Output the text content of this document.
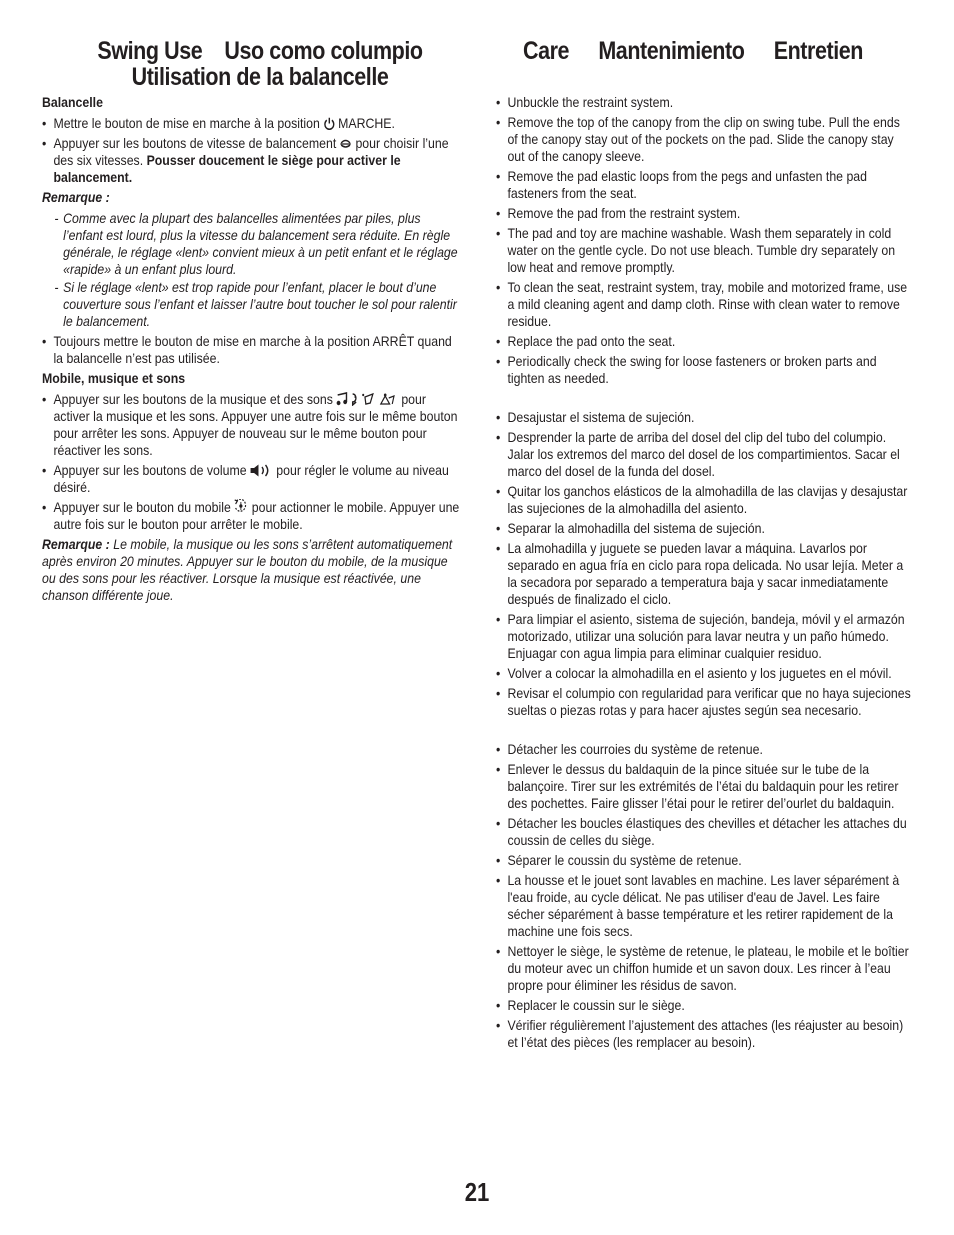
Swing Use    Uso como columpio
Utilisation de la balancelle
Care Mantenimiento Entretien
Balancelle
• Mettre le bouton de mise en marche à la position MARCHE.
• Appuyer sur les boutons de vitesse de balancement pour choisir l’une des six vitesses. Pousser doucement le siège pour activer le balancement.
Remarque :
- Comme avec la plupart des balancelles alimentées par piles, plus l’enfant est lourd, plus la vitesse du balancement sera réduite. En règle générale, le réglage «lent» convient mieux à un petit enfant et le réglage «rapide» à un enfant plus lourd.
- Si le réglage «lent» est trop rapide pour l’enfant, placer le bout d’une couverture sous l’enfant et laisser l’autre bout toucher le sol pour ralentir le balancement.
• Toujours mettre le bouton de mise en marche à la position ARRÊT quand la balancelle n’est pas utilisée.
Mobile, musique et sons
• Appuyer sur les boutons de la musique et des sons	pour activer la musique et les sons. Appuyer une autre fois sur le même bouton pour arrêter les sons. Appuyer de nouveau sur le même bouton pour réactiver les sons.
• Appuyer sur les boutons de volume pour régler le volume au niveau désiré.
• Appuyer sur le bouton du mobile pour actionner le mobile. Appuyer une autre fois sur le bouton pour arrêter le mobile.
Remarque : Le mobile, la musique ou les sons s’arrêtent automatiquement après environ 20 minutes. Appuyer sur le bouton du mobile, de la musique ou des sons pour les réactiver. Lorsque la musique est réactivée, une chanson différente joue.
• Unbuckle the restraint system.
• Remove the top of the canopy from the clip on swing tube. Pull the ends of the canopy stay out of the pockets on the pad. Slide the canopy stay out of the canopy sleeve.
• Remove the pad elastic loops from the pegs and unfasten the pad fasteners from the seat.
• Remove the pad from the restraint system.
• The pad and toy are machine washable. Wash them separately in cold water on the gentle cycle. Do not use bleach. Tumble dry separately on low heat and remove promptly.
• To clean the seat, restraint system, tray, mobile and motorized frame, use a mild cleaning agent and damp cloth. Rinse with clean water to remove residue.
• Replace the pad onto the seat.
• Periodically check the swing for loose fasteners or broken parts and tighten as needed.
• Desajustar el sistema de sujeción.
• Desprender la parte de arriba del dosel del clip del tubo del columpio. Jalar los extremos del marco del dosel de los compartimientos. Sacar el marco del dosel de la funda del dosel.
• Quitar los ganchos elásticos de la almohadilla de las clavijas y desajustar las sujeciones de la almohadilla del asiento.
• Separar la almohadilla del sistema de sujeción.
• La almohadilla y juguete se pueden lavar a máquina. Lavarlos por separado en agua fría en ciclo para ropa delicada. No usar lejía. Meter a la secadora por separado a temperatura baja y sacar inmediatamente después de finalizado el ciclo.
• Para limpiar el asiento, sistema de sujeción, bandeja, móvil y el armazón motorizado, utilizar una solución para lavar neutra y un paño húmedo. Enjuagar con agua limpia para eliminar cualquier residuo.
• Volver a colocar la almohadilla en el asiento y los juguetes en el móvil.
• Revisar el columpio con regularidad para verificar que no haya sujeciones sueltas o piezas rotas y para hacer ajustes según sea necesario.
• Détacher les courroies du système de retenue.
• Enlever le dessus du baldaquin de la pince située sur le tube de la balançoire. Tirer sur les extrémités de l’étai du baldaquin pour les retirer des pochettes. Faire glisser l’étai pour le retirer del’ourlet du baldaquin.
• Détacher les boucles élastiques des chevilles et détacher les attaches du coussin de celles du siège.
• Séparer le coussin du système de retenue.
• La housse et le jouet sont lavables en machine. Les laver séparément à l'eau froide, au cycle délicat. Ne pas utiliser d'eau de Javel. Les faire sécher séparément à basse température et les retirer rapidement de la machine une fois secs.
• Nettoyer le siège, le système de retenue, le plateau, le mobile et le boîtier du moteur avec un chiffon humide et un savon doux. Les rincer à l’eau propre pour éliminer les résidus de savon.
• Replacer le coussin sur le siège.
• Vérifier régulièrement l’ajustement des attaches (les réajuster au besoin) et l’état des pièces (les remplacer au besoin).
21
